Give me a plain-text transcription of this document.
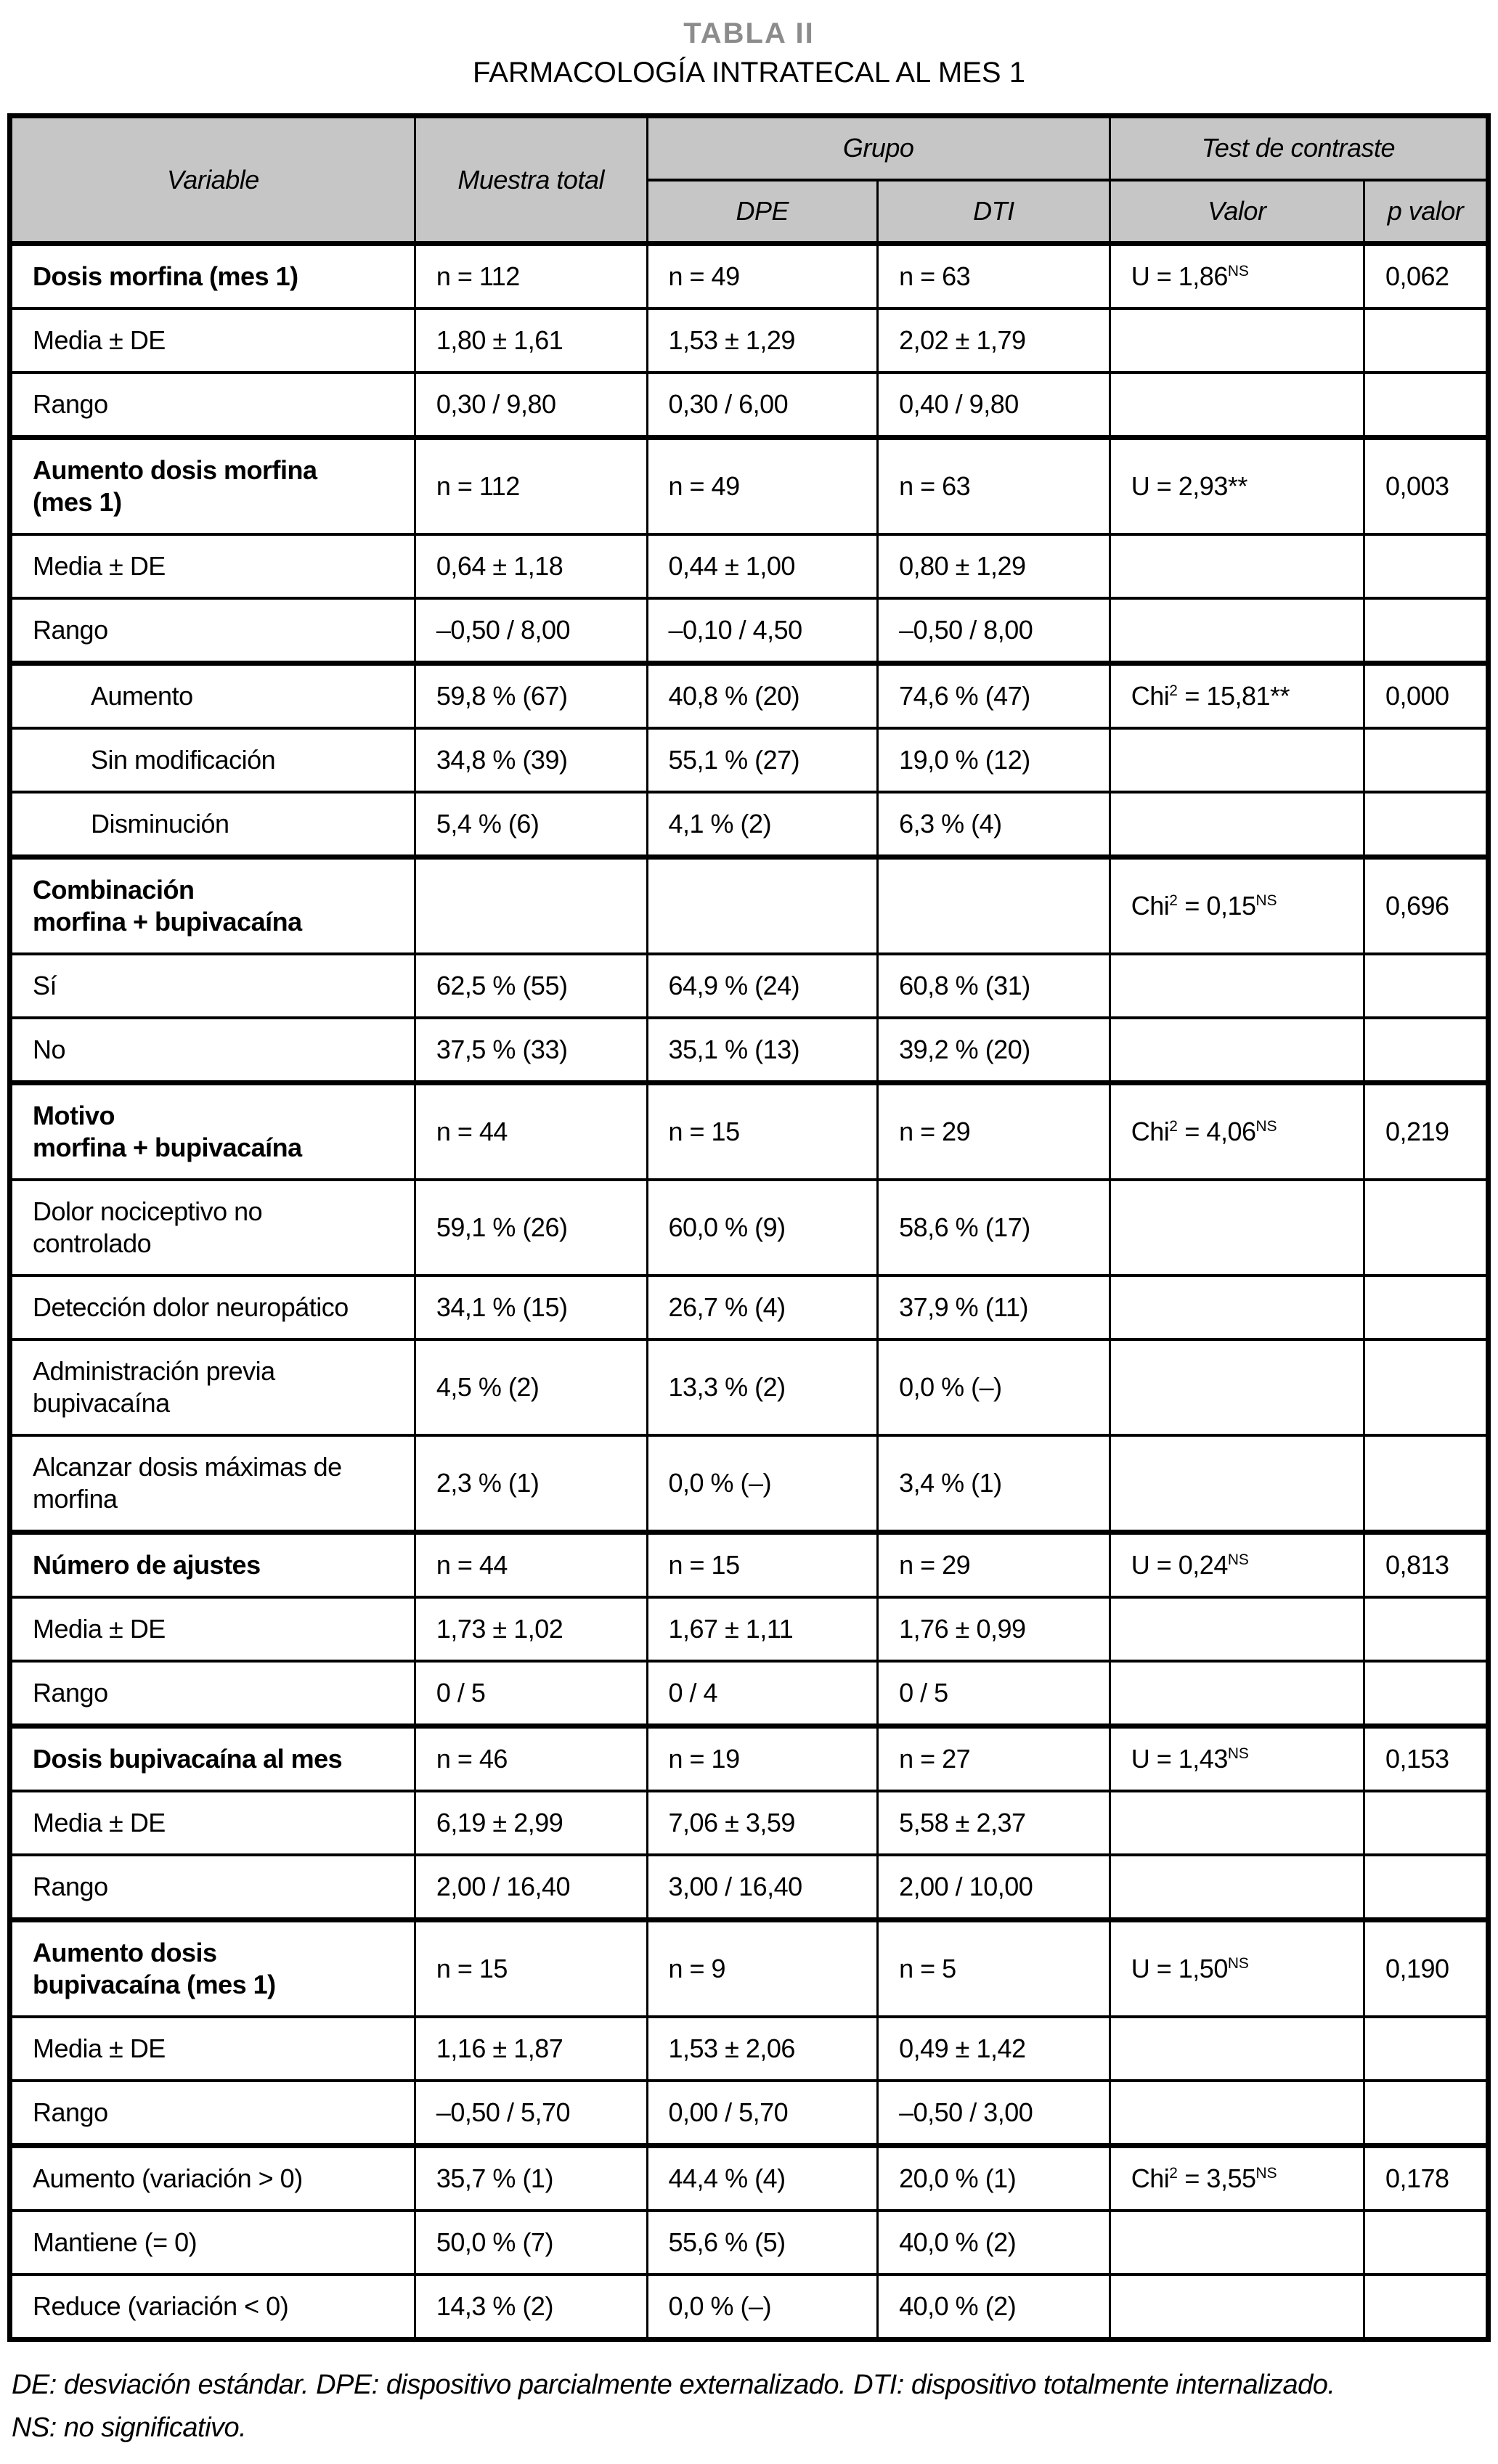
TABLA II
FARMACOLOGÍA INTRATECAL AL MES 1
Variable	Muestra total	Grupo		Test de contraste	
		DPE	DTI	Valor	p valor
Dosis morfina (mes 1)	n = 112	n = 49	n = 63	$U = 1,86^{NS}$	0,062
Media ± DE	1,80 ± 1,61	1,53 ± 1,29	2,02 ± 1,79		
Rango	0,30 / 9,80	0,30 / 6,00	0,40 / 9,80		
Aumento dosis morfina
(mes 1)	n = 112	n = 49	n = 63	U = 2,93**	0,003
Media ± DE	0,64 ± 1,18	0,44 ± 1,00	0,80 ± 1,29		
Rango	–0,50 / 8,00	–0,10 / 4,50	–0,50 / 8,00		
Aumento	59,8 % (67)	40,8 % (20)	74,6 % (47)	Chi$^2$ = 15,81**	0,000
Sin modificación	34,8 % (39)	55,1 % (27)	19,0 % (12)		
Disminución	5,4 % (6)	4,1 % (2)	6,3 % (4)		
Combinación
morfina + bupivacaína				$Chi^2 = 0,15^{NS}$	0,696
Sí	62,5 % (55)	64,9 % (24)	60,8 % (31)		
No	37,5 % (33)	35,1 % (13)	39,2 % (20)		
Motivo
morfina + bupivacaína	n = 44	n = 15	n = 29	$Chi^2 = 4,06^{NS}$	0,219
Dolor nociceptivo no
controlado	59,1 % (26)	60,0 % (9)	58,6 % (17)		
Detección dolor neuropático	34,1 % (15)	26,7 % (4)	37,9 % (11)		
Administración previa
bupivacaína	4,5 % (2)	13,3 % (2)	0,0 % (–)		
Alcanzar dosis máximas de
morfina	2,3 % (1)	0,0 % (–)	3,4 % (1)		
Número de ajustes	n = 44	n = 15	n = 29	$U = 0,24^{NS}$	0,813
Media ± DE	1,73 ± 1,02	1,67 ± 1,11	1,76 ± 0,99		
Rango	0 / 5	0 / 4	0 / 5		
Dosis bupivacaína al mes	n = 46	n = 19	n = 27	$U = 1,43^{NS}$	0,153
Media ± DE	6,19 ± 2,99	7,06 ± 3,59	5,58 ± 2,37		
Rango	2,00 / 16,40	3,00 / 16,40	2,00 / 10,00		
Aumento dosis
bupivacaína (mes 1)	n = 15	n = 9	n = 5	$U = 1,50^{NS}$	0,190
Media ± DE	1,16 ± 1,87	1,53 ± 2,06	0,49 ± 1,42		
Rango	–0,50 / 5,70	0,00 / 5,70	–0,50 / 3,00		
Aumento (variación > 0)	35,7 % (1)	44,4 % (4)	20,0 % (1)	$Chi^2 = 3,55^{NS}$	0,178
Mantiene (= 0)	50,0 % (7)	55,6 % (5)	40,0 % (2)		
Reduce (variación < 0)	14,3 % (2)	0,0 % (–)	40,0 % (2)		
DE: desviación estándar. DPE: dispositivo parcialmente externalizado. DTI: dispositivo totalmente internalizado.
NS: no significativo.
